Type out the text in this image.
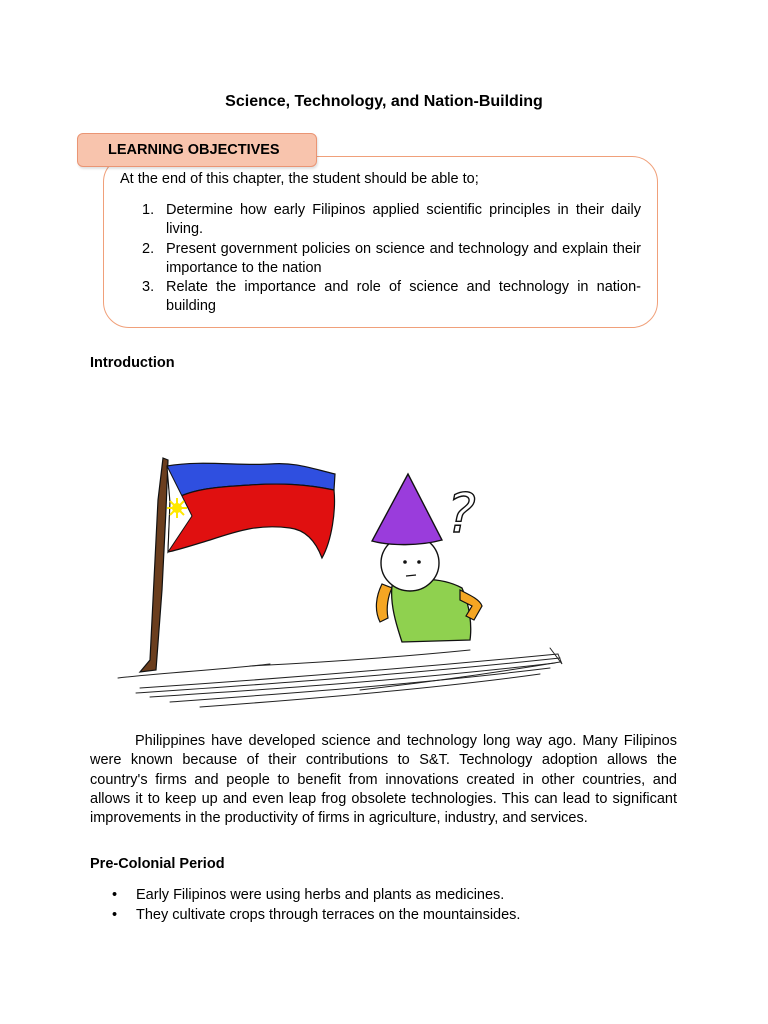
Science, Technology, and Nation-Building
LEARNING OBJECTIVES
At the end of this chapter, the student should be able to;
1. Determine how early Filipinos applied scientific principles in their daily living.
2. Present government policies on science and technology and explain their importance to the nation
3. Relate the importance and role of science and technology in nation-building
Introduction
?

Philippines have developed science and technology long way ago. Many Filipinos were known because of their contributions to S&T. Technology adoption allows the country's firms and people to benefit from innovations created in other countries, and allows it to keep up and even leap frog obsolete technologies. This can lead to significant improvements in the productivity of firms in agriculture, industry, and services.

Pre-Colonial Period
• Early Filipinos were using herbs and plants as medicines.
• They cultivate crops through terraces on the mountainsides.
